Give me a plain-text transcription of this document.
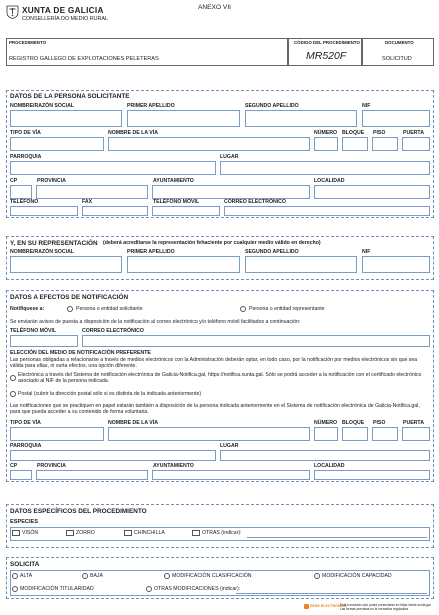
XUNTA DE GALICIA
CONSELLERÍA DO MEDIO RURAL
ANEXO VII
PROCEDIMIENTO
REGISTRO GALLEGO DE EXPLOTACIONES PELETERAS
CÓDIGO DEL PROCEDIMIENTO
MR520F
DOCUMENTO
SOLICITUD
DATOS DE LA PERSONA SOLICITANTE
NOMBRE/RAZÓN SOCIAL	PRIMER APELLIDO	SEGUNDO APELLIDO	NIF
TIPO DE VÍA	NOMBRE DE LA VÍA	NÚMERO BLOQUE PISO	PUERTA
PARROQUIA	LUGAR
CP	PROVINCIA	AYUNTAMIENTO	LOCALIDAD
TELÉFONO	FAX	TELÉFONO MÓVIL	CORREO ELECTRÓNICO
Y, EN SU REPRESENTACIÓN (deberá acreditarse la representación fehaciente por cualquier medio válido en derecho)
NOMBRE/RAZÓN SOCIAL	PRIMER APELLIDO	SEGUNDO APELLIDO	NIF
DATOS A EFECTOS DE NOTIFICACIÓN
Notifíquese a:	Persona o entidad solicitante	Persona o entidad representante
Se enviarán avisos de puesta a disposición de la notificación al correo electrónico y/o teléfono móvil facilitados a continuación:
TELÉFONO MÓVIL	CORREO ELECTRÓNICO
ELECCIÓN DEL MEDIO DE NOTIFICACIÓN PREFERENTE
Las personas obligadas a relacionarse a través de medios electrónicos con la Administración deberán optar, en todo caso, por la notificación por medios electrónicos sin que sea válida para ellas, ni surta efectos, una opción diferente.
Electrónica a través del Sistema de notificación electrónica de Galicia-Notifica.gal, https://notifica.xunta.gal. Sólo se podrá acceder a la notificación con el certificado electrónico asociado al NIF de la persona indicada.
Postal (cubrir la dirección postal sólo si es distinta de la indicada anteriormente)
Las notificaciones que se practiquen en papel estarán también a disposición de la persona indicada anteriormente en el Sistema de notificación electrónica de Galicia-Notifica.gal, para que pueda acceder a su contenido de forma voluntaria.
TIPO DE VÍA	NOMBRE DE LA VÍA	NÚMERO BLOQUE PISO	PUERTA
PARROQUIA	LUGAR
CP	PROVINCIA	AYUNTAMIENTO	LOCALIDAD
DATOS ESPECÍFICOS DEL PROCEDIMIENTO
ESPECIES
VISÓN	ZORRO	CHINCHILLA	OTRAS (indicar):
SOLICITA
ALTA	BAJA	MODIFICACIÓN CLASIFICACIÓN	MODIFICACIÓN CAPACIDAD
MODIFICACIÓN TITULARIDAD	OTRAS MODIFICACIONES (indicar):
SEDE ELECTRÓNICA
Este formulario sólo podrá presentarse en https://sede.xunta.gal. Las formas previstas en la normativa reguladora
